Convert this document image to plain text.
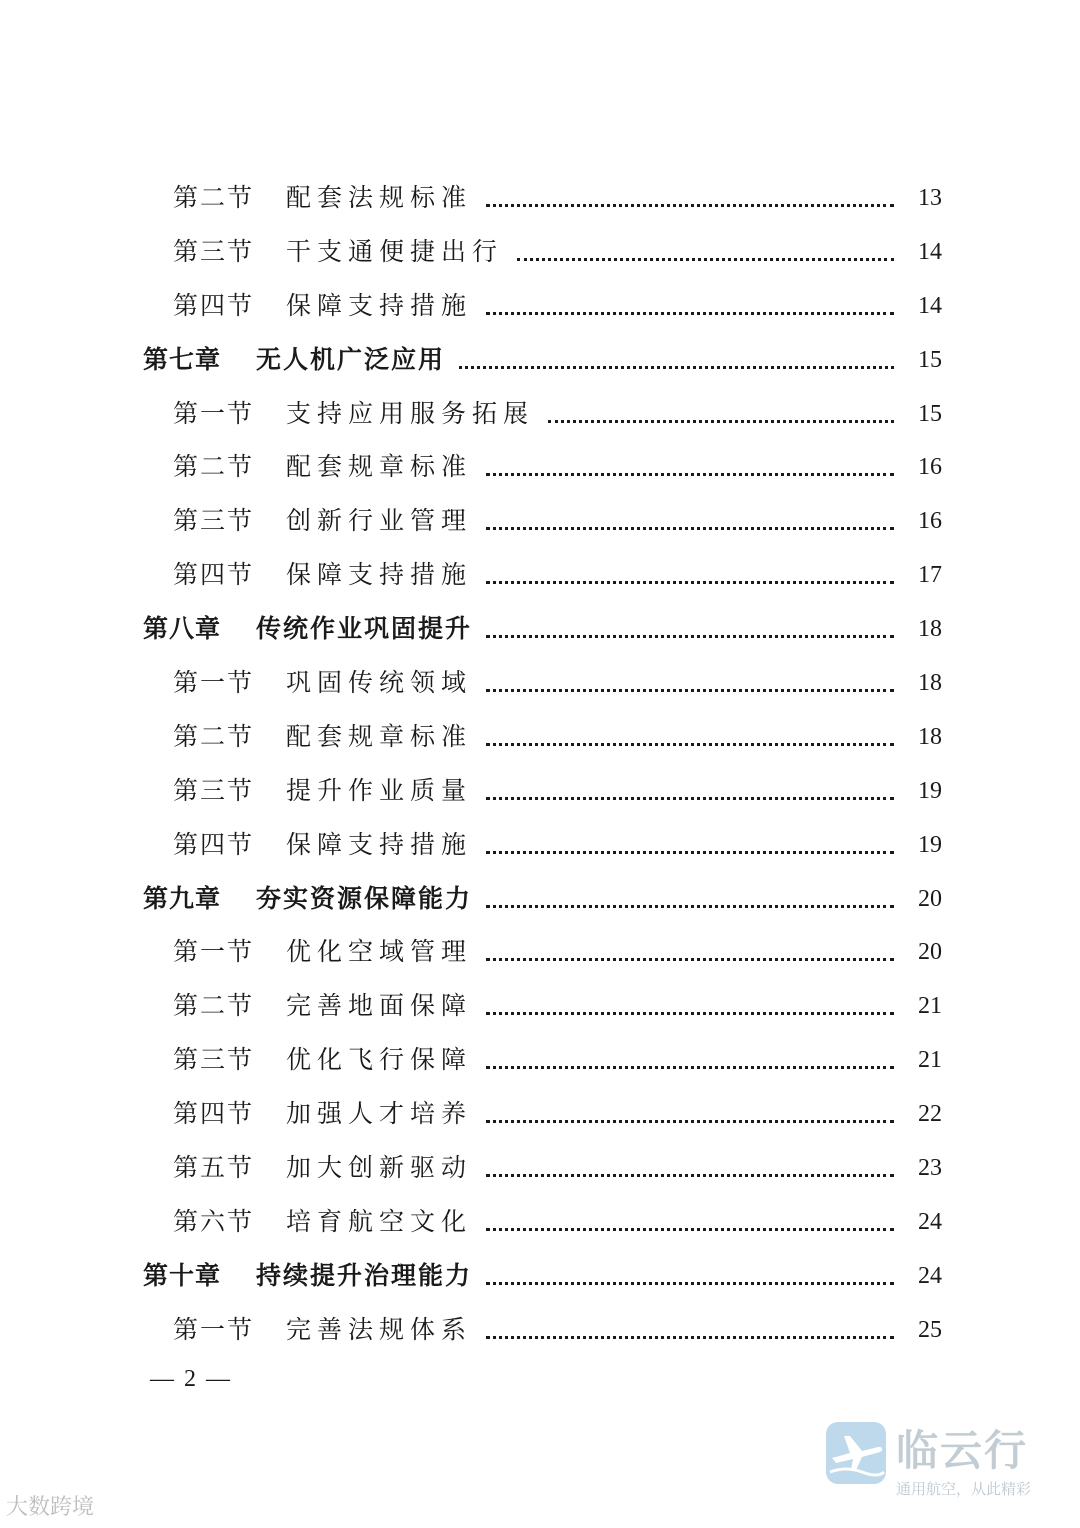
第二节 配套法规标准	13
第三节 干支通便捷出行	14
第四节 保障支持措施	14
第七章 无人机广泛应用	15
第一节 支持应用服务拓展	15
第二节 配套规章标准	16
第三节 创新行业管理	16
第四节 保障支持措施	17
第八章 传统作业巩固提升	18
第一节 巩固传统领域	18
第二节 配套规章标准	18
第三节 提升作业质量	19
第四节 保障支持措施	19
第九章 夯实资源保障能力	20
第一节 优化空域管理	20
第二节 完善地面保障	21
第三节 优化飞行保障	21
第四节 加强人才培养	22
第五节 加大创新驱动	23
第六节 培育航空文化	24
第十章 持续提升治理能力	24
第一节 完善法规体系	25
— 2 —
临云行
通用航空，从此精彩
大数跨境
